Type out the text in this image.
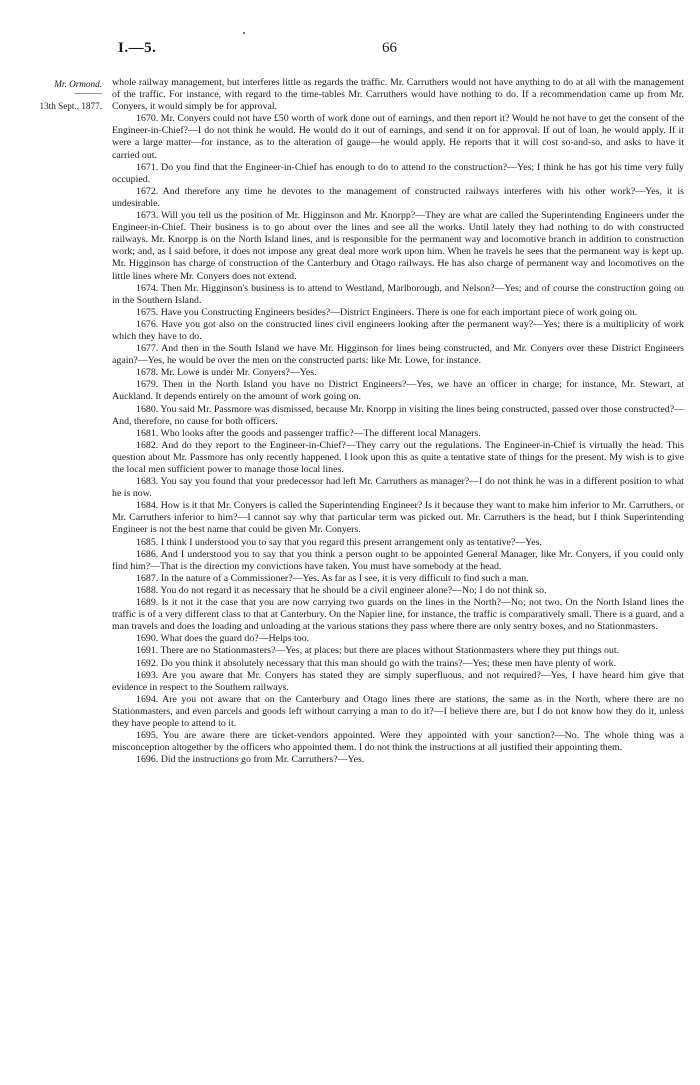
I.—5.	66
Mr. Ormond.
———
13th Sept., 1877.

whole railway management, but interferes little as regards the traffic. Mr. Carruthers would not have anything to do at all with the management of the traffic. For instance, with regard to the time-tables Mr. Carruthers would have nothing to do. If a recommendation came up from Mr. Conyers, it would simply be for approval.

1670. Mr. Conyers could not have £50 worth of work done out of earnings, and then report it? Would he not have to get the consent of the Engineer-in-Chief?—I do not think he would. He would do it out of earnings, and send it on for approval. If out of loan, he would apply. If it were a large matter—for instance, as to the alteration of gauge—he would apply. He reports that it will cost so-and-so, and asks to have it carried out.

1671. Do you find that the Engineer-in-Chief has enough to do to attend to the construction?—Yes; I think he has got his time very fully occupied.

1672. And therefore any time he devotes to the management of constructed railways interferes with his other work?—Yes, it is undesirable.

1673. Will you tell us the position of Mr. Higginson and Mr. Knorpp?—They are what are called the Superintending Engineers under the Engineer-in-Chief. Their business is to go about over the lines and see all the works. Until lately they had nothing to do with constructed railways. Mr. Knorpp is on the North Island lines, and is responsible for the permanent way and locomotive branch in addition to construction work; and, as I said before, it does not impose any great deal more work upon him. When he travels he sees that the permanent way is kept up. Mr. Higginson has charge of construction of the Canterbury and Otago railways. He has also charge of permanent way and locomotives on the little lines where Mr. Conyers does not extend.

1674. Then Mr. Higginson's business is to attend to Westland, Marlborough, and Nelson?—Yes; and of course the construction going on in the Southern Island.

1675. Have you Constructing Engineers besides?—District Engineers. There is one for each important piece of work going on.

1676. Have you got also on the constructed lines civil engineers looking after the permanent way?—Yes; there is a multiplicity of work which they have to do.

1677. And then in the South Island we have Mr. Higginson for lines being constructed, and Mr. Conyers over these District Engineers again?—Yes, he would be over the men on the constructed parts: like Mr. Lowe, for instance.

1678. Mr. Lowe is under Mr. Conyers?—Yes.

1679. Then in the North Island you have no District Engineers?—Yes, we have an officer in charge; for instance, Mr. Stewart, at Auckland. It depends entirely on the amount of work going on.

1680. You said Mr. Passmore was dismissed, because Mr. Knorpp in visiting the lines being constructed, passed over those constructed?—And, therefore, no cause for both officers.

1681. Who looks after the goods and passenger traffic?—The different local Managers.

1682. And do they report to the Engineer-in-Chief?—They carry out the regulations. The Engineer-in-Chief is virtually the head. This question about Mr. Passmore has only recently happened. I look upon this as quite a tentative state of things for the present. My wish is to give the local men sufficient power to manage those local lines.

1683. You say you found that your predecessor had left Mr. Carruthers as manager?—I do not think he was in a different position to what he is now.

1684. How is it that Mr. Conyers is called the Superintending Engineer? Is it because they want to make him inferior to Mr. Carruthers, or Mr. Carruthers inferior to him?—I cannot say why that particular term was picked out. Mr. Carruthers is the head, but I think Superintending Engineer is not the best name that could be given Mr. Conyers.

1685. I think I understood you to say that you regard this present arrangement only as tentative?—Yes.

1686. And I understood you to say that you think a person ought to be appointed General Manager, like Mr. Conyers, if you could only find him?—That is the direction my convictions have taken. You must have somebody at the head.

1687. In the nature of a Commissioner?—Yes. As far as I see, it is very difficult to find such a man.

1688. You do not regard it as necessary that he should be a civil engineer alone?—No; I do not think so.

1689. Is it not it the case that you are now carrying two guards on the lines in the North?—No; not two. On the North Island lines the traffic is of a very different class to that at Canterbury. On the Napier line, for instance, the traffic is comparatively small. There is a guard, and a man travels and does the loading and unloading at the various stations they pass where there are only sentry boxes, and no Stationmasters.

1690. What does the guard do?—Helps too.

1691. There are no Stationmasters?—Yes, at places; but there are places without Stationmasters where they put things out.

1692. Do you think it absolutely necessary that this man should go with the trains?—Yes; these men have plenty of work.

1693. Are you aware that Mr. Conyers has stated they are simply superfluous, and not required?—Yes, I have heard him give that evidence in respect to the Southern railways.

1694. Are you not aware that on the Canterbury and Otago lines there are stations, the same as in the North, where there are no Stationmasters, and even parcels and goods left without carrying a man to do it?—I believe there are, but I do not know how they do it, unless they have people to attend to it.

1695. You are aware there are ticket-vendors appointed. Were they appointed with your sanction?—No. The whole thing was a misconception altogether by the officers who appointed them. I do not think the instructions at all justified their appointing them.

1696. Did the instructions go from Mr. Carruthers?—Yes.
